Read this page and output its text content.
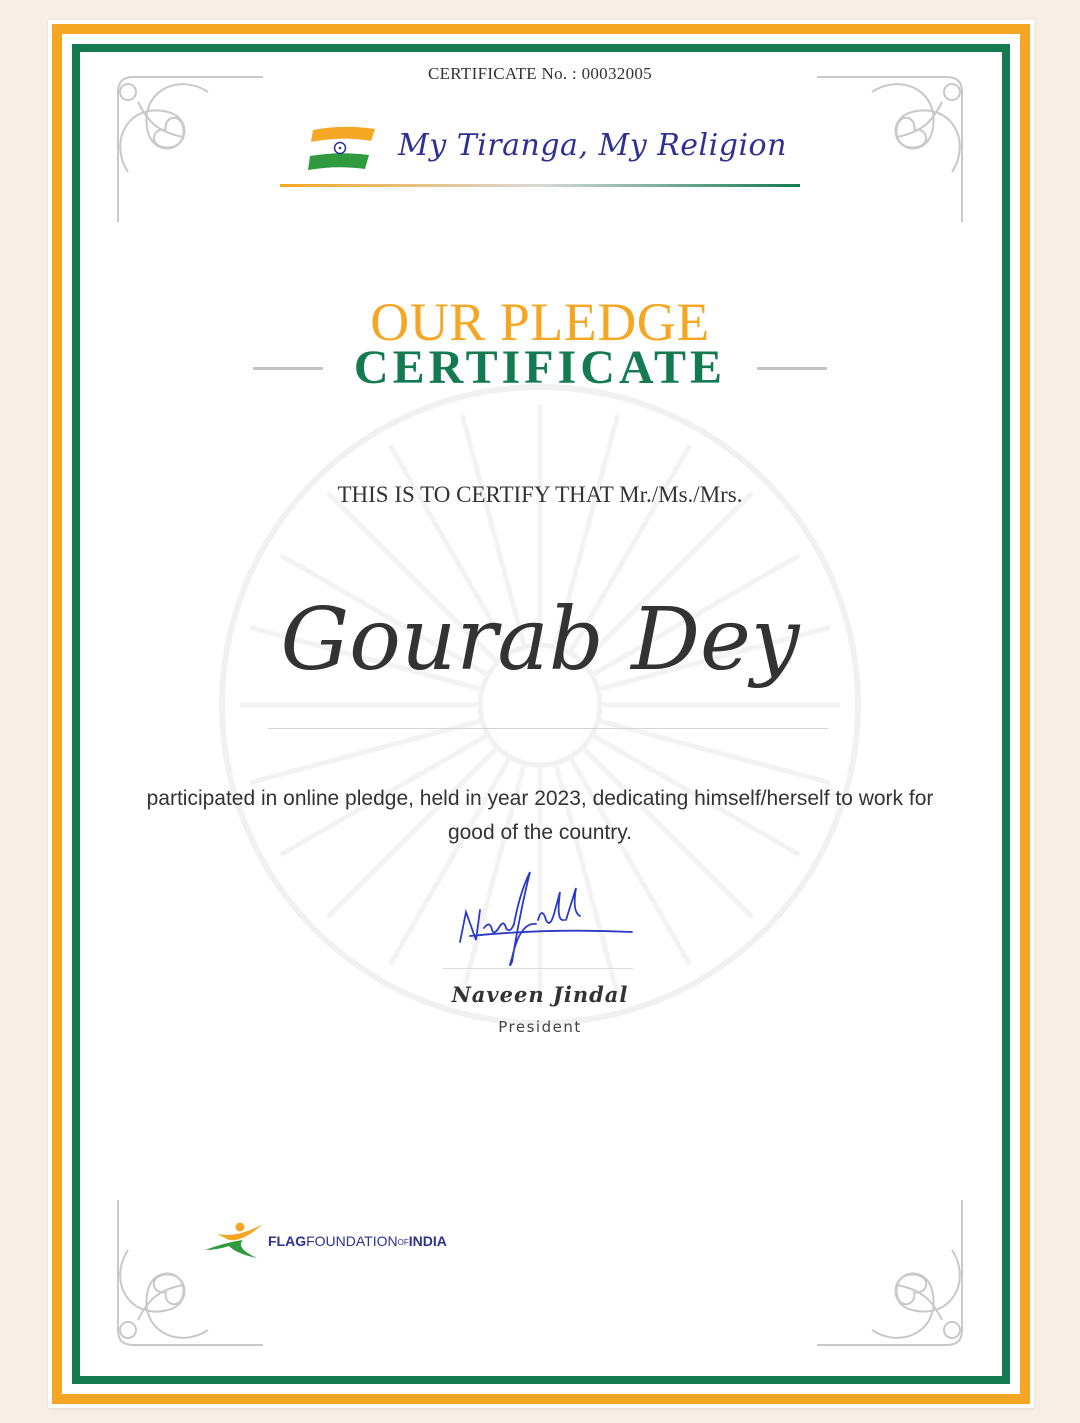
CERTIFICATE No. : 00032005
My Tiranga, My Religion
OUR PLEDGE
CERTIFICATE
THIS IS TO CERTIFY THAT Mr./Ms./Mrs.
Gourab Dey
participated in online pledge, held in year 2023, dedicating himself/herself to work for good of the country.
Naveen Jindal
President
FLAGFOUNDATIONOFINDIA
